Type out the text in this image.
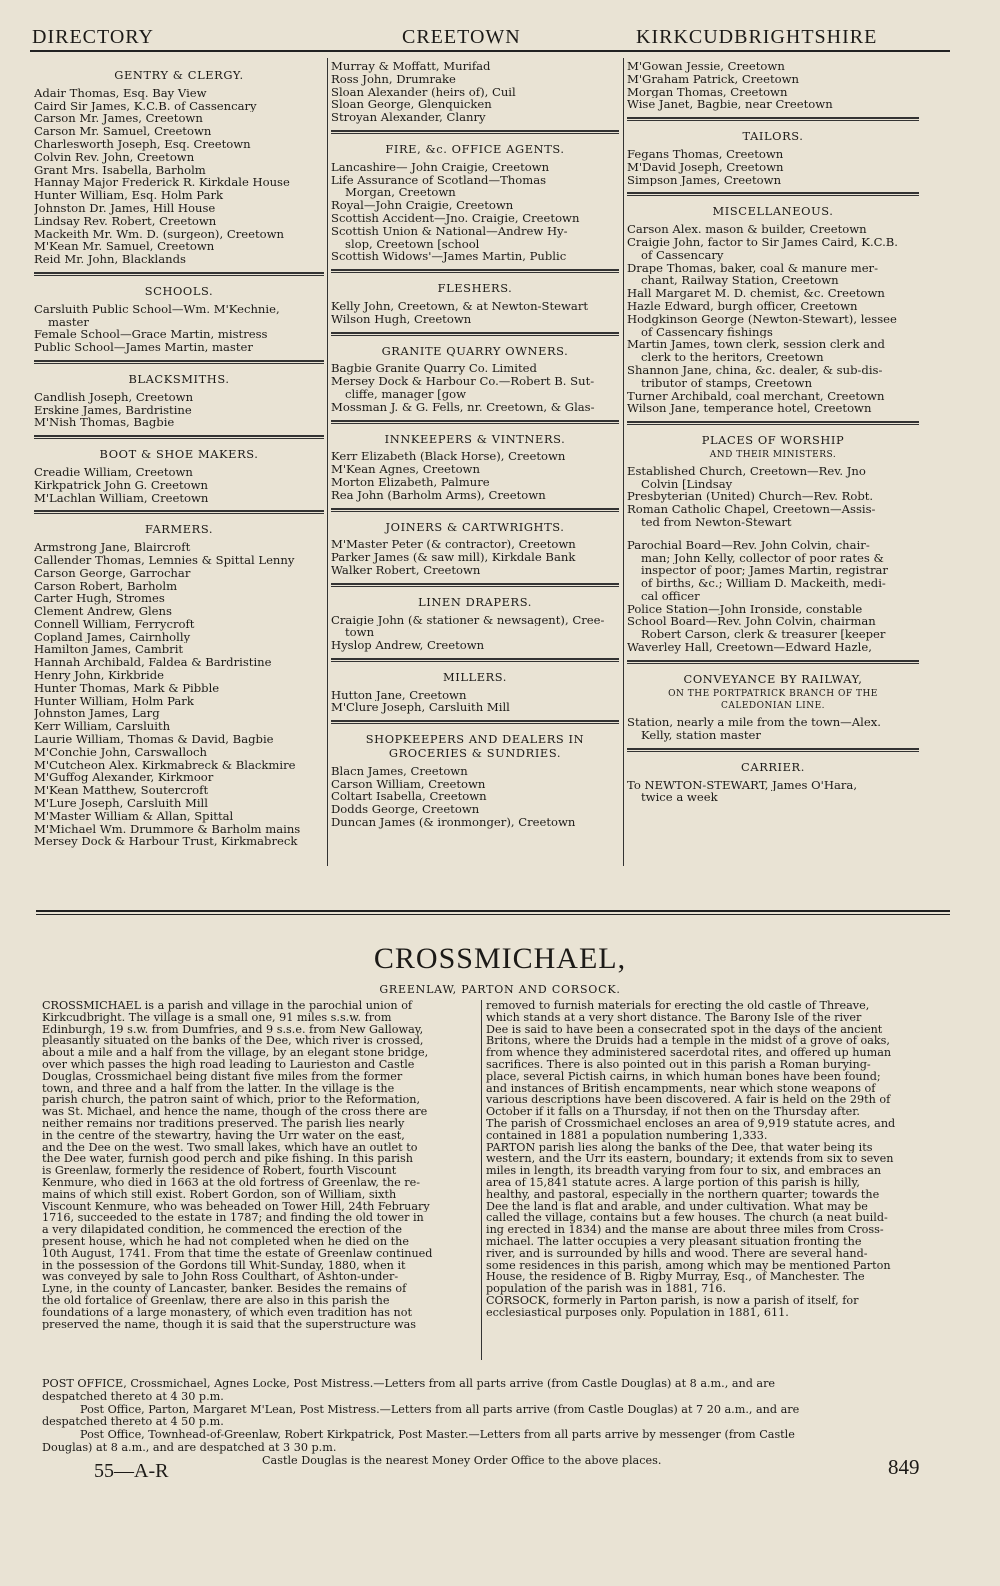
DIRECTORY	CREETOWN	KIRKCUDBRIGHTSHIRE
GENTRY & CLERGY.
Adair Thomas, Esq. Bay View
Caird Sir James, K.C.B. of Cassencary
Carson Mr. James, Creetown
Carson Mr. Samuel, Creetown
Charlesworth Joseph, Esq. Creetown
Colvin Rev. John, Creetown
Grant Mrs. Isabella, Barholm
Hannay Major Frederick R. Kirkdale House
Hunter William, Esq. Holm Park
Johnston Dr. James, Hill House
Lindsay Rev. Robert, Creetown
Mackeith Mr. Wm. D. (surgeon), Creetown
M'Kean Mr. Samuel, Creetown
Reid Mr. John, Blacklands
SCHOOLS.
Carsluith Public School—Wm. M'Kechnie,
master
Female School—Grace Martin, mistress
Public School—James Martin, master
BLACKSMITHS.
Candlish Joseph, Creetown
Erskine James, Bardristine
M'Nish Thomas, Bagbie
BOOT & SHOE MAKERS.
Creadie William, Creetown
Kirkpatrick John G. Creetown
M'Lachlan William, Creetown
FARMERS.
Armstrong Jane, Blaircroft
Callender Thomas, Lemnies & Spittal Lenny
Carson George, Garrochar
Carson Robert, Barholm
Carter Hugh, Stromes
Clement Andrew, Glens
Connell William, Ferrycroft
Copland James, Cairnholly
Hamilton James, Cambrit
Hannah Archibald, Faldea & Bardristine
Henry John, Kirkbride
Hunter Thomas, Mark & Pibble
Hunter William, Holm Park
Johnston James, Larg
Kerr William, Carsluith
Laurie William, Thomas & David, Bagbie
M'Conchie John, Carswalloch
M'Cutcheon Alex. Kirkmabreck & Blackmire
M'Guffog Alexander, Kirkmoor
M'Kean Matthew, Soutercroft
M'Lure Joseph, Carsluith Mill
M'Master William & Allan, Spittal
M'Michael Wm. Drummore & Barholm mains
Mersey Dock & Harbour Trust, Kirkmabreck
Murray & Moffatt, Murifad
Ross John, Drumrake
Sloan Alexander (heirs of), Cuil
Sloan George, Glenquicken
Stroyan Alexander, Clanry
FIRE, &c. OFFICE AGENTS.
Lancashire— John Craigie, Creetown
Life Assurance of Scotland—Thomas
Morgan, Creetown
Royal—John Craigie, Creetown
Scottish Accident—Jno. Craigie, Creetown
Scottish Union & National—Andrew Hy-
slop, Creetown [school
Scottish Widows'—James Martin, Public
FLESHERS.
Kelly John, Creetown, & at Newton-Stewart
Wilson Hugh, Creetown
GRANITE QUARRY OWNERS.
Bagbie Granite Quarry Co. Limited
Mersey Dock & Harbour Co.—Robert B. Sut-
cliffe, manager [gow
Mossman J. & G. Fells, nr. Creetown, & Glas-
INNKEEPERS & VINTNERS.
Kerr Elizabeth (Black Horse), Creetown
M'Kean Agnes, Creetown
Morton Elizabeth, Palmure
Rea John (Barholm Arms), Creetown
JOINERS & CARTWRIGHTS.
M'Master Peter (& contractor), Creetown
Parker James (& saw mill), Kirkdale Bank
Walker Robert, Creetown
LINEN DRAPERS.
Craigie John (& stationer & newsagent), Cree-
town
Hyslop Andrew, Creetown
MILLERS.
Hutton Jane, Creetown
M'Clure Joseph, Carsluith Mill
SHOPKEEPERS AND DEALERS IN
GROCERIES & SUNDRIES.
Blacn James, Creetown
Carson William, Creetown
Coltart Isabella, Creetown
Dodds George, Creetown
Duncan James (& ironmonger), Creetown
M'Gowan Jessie, Creetown
M'Graham Patrick, Creetown
Morgan Thomas, Creetown
Wise Janet, Bagbie, near Creetown
TAILORS.
Fegans Thomas, Creetown
M'David Joseph, Creetown
Simpson James, Creetown
MISCELLANEOUS.
Carson Alex. mason & builder, Creetown
Craigie John, factor to Sir James Caird, K.C.B.
of Cassencary
Drape Thomas, baker, coal & manure mer-
chant, Railway Station, Creetown
Hall Margaret M. D. chemist, &c. Creetown
Hazle Edward, burgh officer, Creetown
Hodgkinson George (Newton-Stewart), lessee
of Cassencary fishings
Martin James, town clerk, session clerk and
clerk to the heritors, Creetown
Shannon Jane, china, &c. dealer, & sub-dis-
tributor of stamps, Creetown
Turner Archibald, coal merchant, Creetown
Wilson Jane, temperance hotel, Creetown
PLACES OF WORSHIP
AND THEIR MINISTERS.
Established Church, Creetown—Rev. Jno
Colvin [Lindsay
Presbyterian (United) Church—Rev. Robt.
Roman Catholic Chapel, Creetown—Assis-
ted from Newton-Stewart
Parochial Board—Rev. John Colvin, chair-
man; John Kelly, collector of poor rates &
inspector of poor; James Martin, registrar
of births, &c.; William D. Mackeith, medi-
cal officer
Police Station—John Ironside, constable
School Board—Rev. John Colvin, chairman
Robert Carson, clerk & treasurer [keeper
Waverley Hall, Creetown—Edward Hazle,
CONVEYANCE BY RAILWAY,
ON THE PORTPATRICK BRANCH OF THE
CALEDONIAN LINE.
Station, nearly a mile from the town—Alex.
Kelly, station master
CARRIER.
To NEWTON-STEWART, James O'Hara,
twice a week
CROSSMICHAEL,
GREENLAW, PARTON AND CORSOCK.
CROSSMICHAEL is a parish and village in the parochial union of
Kirkcudbright. The village is a small one, 91 miles s.s.w. from
Edinburgh, 19 s.w. from Dumfries, and 9 s.s.e. from New Galloway,
pleasantly situated on the banks of the Dee, which river is crossed,
about a mile and a half from the village, by an elegant stone bridge,
over which passes the high road leading to Laurieston and Castle
Douglas, Crossmichael being distant five miles from the former
town, and three and a half from the latter. In the village is the
parish church, the patron saint of which, prior to the Reformation,
was St. Michael, and hence the name, though of the cross there are
neither remains nor traditions preserved. The parish lies nearly
in the centre of the stewartry, having the Urr water on the east,
and the Dee on the west. Two small lakes, which have an outlet to
the Dee water, furnish good perch and pike fishing. In this parish
is Greenlaw, formerly the residence of Robert, fourth Viscount
Kenmure, who died in 1663 at the old fortress of Greenlaw, the re-
mains of which still exist. Robert Gordon, son of William, sixth
Viscount Kenmure, who was beheaded on Tower Hill, 24th February
1716, succeeded to the estate in 1787; and finding the old tower in
a very dilapidated condition, he commenced the erection of the
present house, which he had not completed when he died on the
10th August, 1741. From that time the estate of Greenlaw continued
in the possession of the Gordons till Whit-Sunday, 1880, when it
was conveyed by sale to John Ross Coulthart, of Ashton-under-
Lyne, in the county of Lancaster, banker. Besides the remains of
the old fortalice of Greenlaw, there are also in this parish the
foundations of a large monastery, of which even tradition has not
preserved the name, though it is said that the superstructure was
removed to furnish materials for erecting the old castle of Threave,
which stands at a very short distance. The Barony Isle of the river
Dee is said to have been a consecrated spot in the days of the ancient
Britons, where the Druids had a temple in the midst of a grove of oaks,
from whence they administered sacerdotal rites, and offered up human
sacrifices. There is also pointed out in this parish a Roman burying-
place, several Pictish cairns, in which human bones have been found;
and instances of British encampments, near which stone weapons of
various descriptions have been discovered. A fair is held on the 29th of
October if it falls on a Thursday, if not then on the Thursday after.
The parish of Crossmichael encloses an area of 9,919 statute acres, and
contained in 1881 a population numbering 1,333.
PARTON parish lies along the banks of the Dee, that water being its
western, and the Urr its eastern, boundary; it extends from six to seven
miles in length, its breadth varying from four to six, and embraces an
area of 15,841 statute acres. A large portion of this parish is hilly,
healthy, and pastoral, especially in the northern quarter; towards the
Dee the land is flat and arable, and under cultivation. What may be
called the village, contains but a few houses. The church (a neat build-
ing erected in 1834) and the manse are about three miles from Cross-
michael. The latter occupies a very pleasant situation fronting the
river, and is surrounded by hills and wood. There are several hand-
some residences in this parish, among which may be mentioned Parton
House, the residence of B. Rigby Murray, Esq., of Manchester. The
population of the parish was in 1881, 716.
CORSOCK, formerly in Parton parish, is now a parish of itself, for
ecclesiastical purposes only. Population in 1881, 611.
POST OFFICE, Crossmichael, Agnes Locke, Post Mistress.—Letters from all parts arrive (from Castle Douglas) at 8 a.m., and are
despatched thereto at 4 30 p.m.
Post Office, Parton, Margaret M'Lean, Post Mistress.—Letters from all parts arrive (from Castle Douglas) at 7 20 a.m., and are
despatched thereto at 4 50 p.m.
Post Office, Townhead-of-Greenlaw, Robert Kirkpatrick, Post Master.—Letters from all parts arrive by messenger (from Castle
Douglas) at 8 a.m., and are despatched at 3 30 p.m.
Castle Douglas is the nearest Money Order Office to the above places.
55—A-R	849
